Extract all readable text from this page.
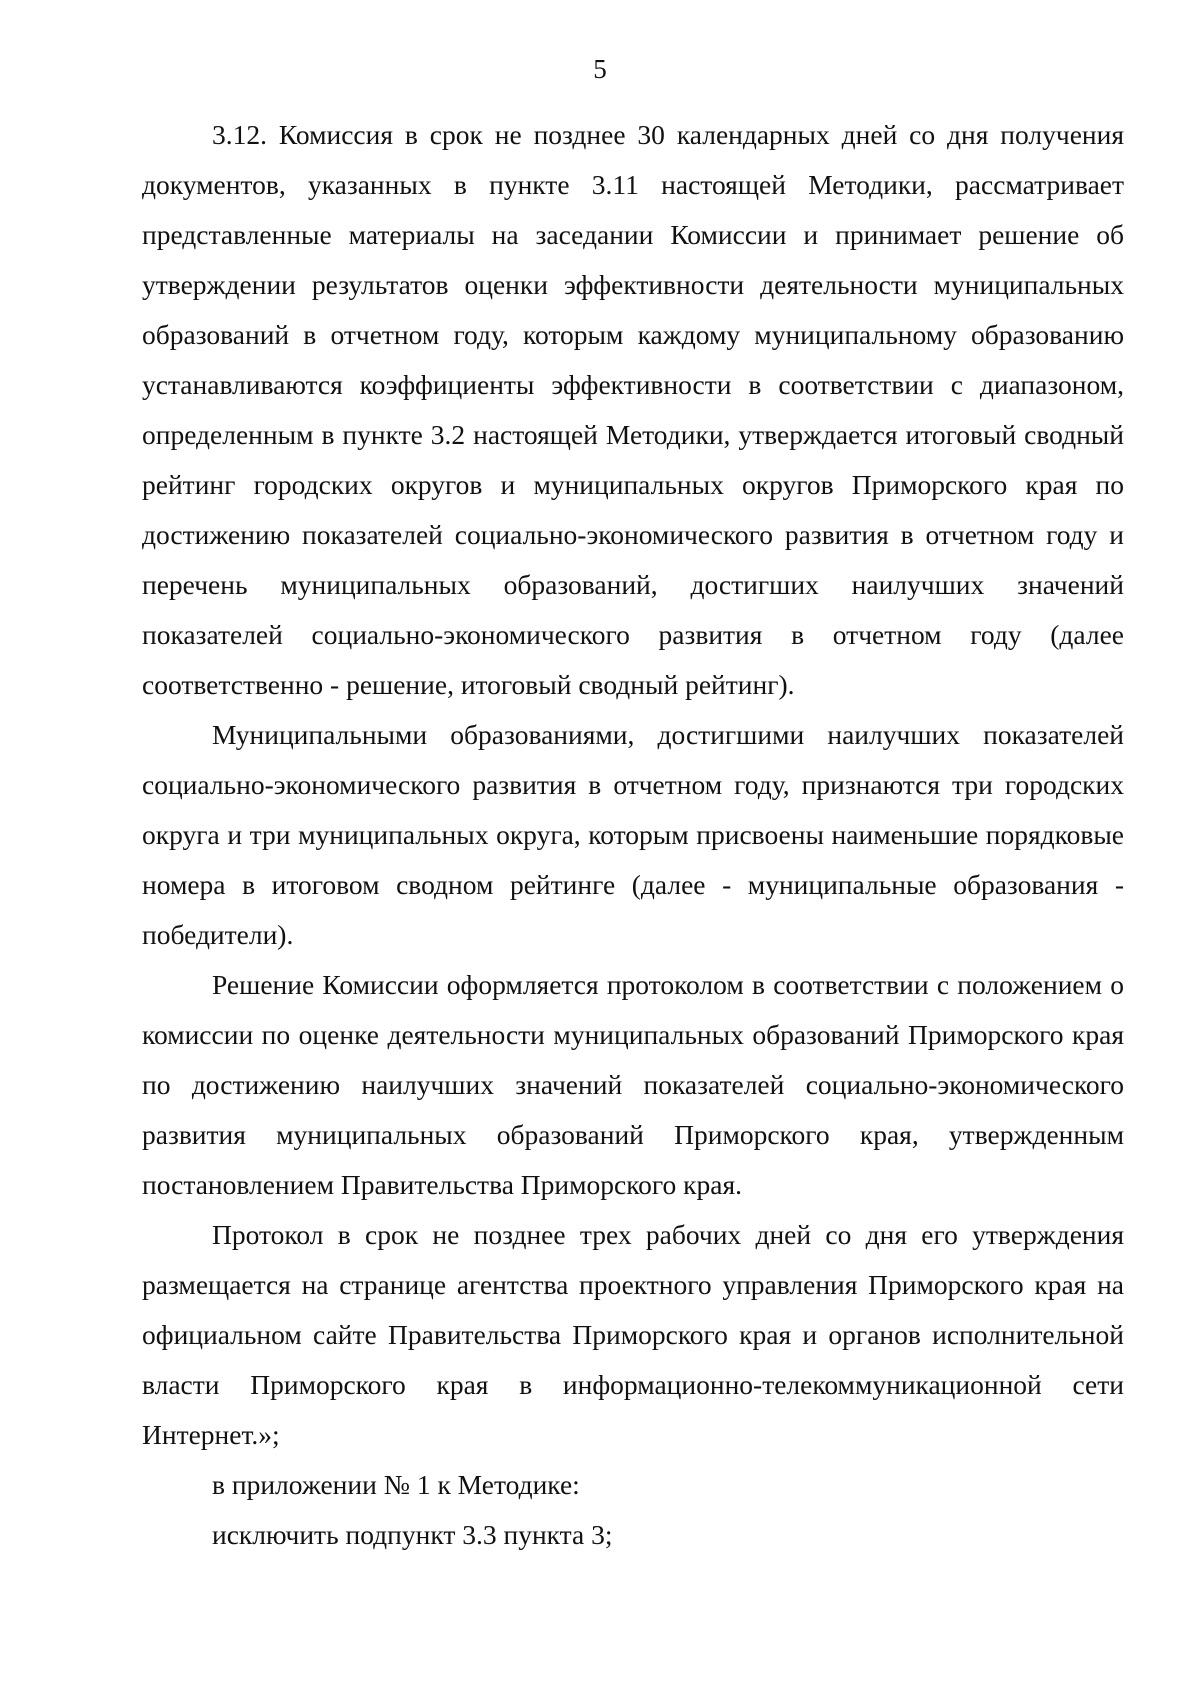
5

3.12. Комиссия в срок не позднее 30 календарных дней со дня получения документов, указанных в пункте 3.11 настоящей Методики, рассматривает представленные материалы на заседании Комиссии и принимает решение об утверждении результатов оценки эффективности деятельности муниципальных образований в отчетном году, которым каждому муниципальному образованию устанавливаются коэффициенты эффективности в соответствии с диапазоном, определенным в пункте 3.2 настоящей Методики, утверждается итоговый сводный рейтинг городских округов и муниципальных округов Приморского края по достижению показателей социально-экономического развития в отчетном году и перечень муниципальных образований, достигших наилучших значений показателей социально-экономического развития в отчетном году (далее соответственно - решение, итоговый сводный рейтинг).

Муниципальными образованиями, достигшими наилучших показателей социально-экономического развития в отчетном году, признаются три городских округа и три муниципальных округа, которым присвоены наименьшие порядковые номера в итоговом сводном рейтинге (далее - муниципальные образования - победители).

Решение Комиссии оформляется протоколом в соответствии с положением о комиссии по оценке деятельности муниципальных образований Приморского края по достижению наилучших значений показателей социально-экономического развития муниципальных образований Приморского края, утвержденным постановлением Правительства Приморского края.

Протокол в срок не позднее трех рабочих дней со дня его утверждения размещается на странице агентства проектного управления Приморского края на официальном сайте Правительства Приморского края и органов исполнительной власти Приморского края в информационно-телекоммуникационной сети Интернет.»;

в приложении № 1 к Методике:

исключить подпункт 3.3 пункта 3;
